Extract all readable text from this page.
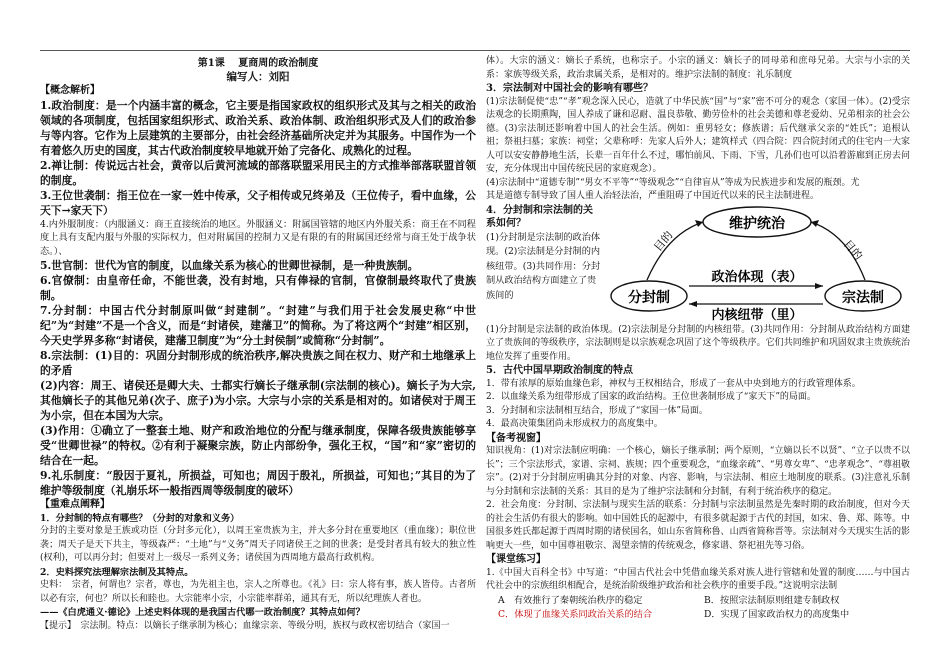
第1课　 夏商周的政治制度
编写人：刘阳
【概念解析】

1.政治制度：是一个内涵丰富的概念，它主要是指国家政权的组织形式及其与之相关的政治领域的各项制度，包括国家组织形式、政治关系、政治体制、政治组织形式及人们的政治参与等内容。它作为上层建筑的主要部分，由社会经济基础所决定并为其服务。中国作为一个有着悠久历史的国度，其古代政治制度较早地就开始了完备化、成熟化的过程。

2.禅让制：传说远古社会，黄帝以后黄河流域的部落联盟采用民主的方式推举部落联盟首领的制度。

3.王位世袭制：指王位在一家一姓中传承，父子相传或兄终弟及（王位传子，看中血缘，公天下→家天下）

4.内外服制度：（内服涵义：商王直接统治的地区。外服涵义：附属国管辖的地区内外服关系：商王在不同程度上具有支配内服与外服的实际权力，但对附属国的控制力又是有限的有的附属国还经常与商王处于战争状态。）、

5.世官制：世代为官的制度，以血缘关系为核心的世卿世禄制，是一种贵族制。

6.官僚制：由皇帝任命，不能世袭，没有封地，只有俸禄的官制，官僚制最终取代了贵族制。

7.分封制：中国古代分封制原叫做“封建制”。“封建”与我们用于社会发展史称“中世纪”为“封建”不是一个含义，而是“封诸侯，建藩卫”的简称。为了将这两个“封建”相区别，今天史学界多称“封诸侯，建藩卫制度”为“分土封侯制”或简称“分封制”。

8.宗法制：(1)目的：巩固分封制形成的统治秩序,解决贵族之间在权力、财产和土地继承上的矛盾

(2)内容：周王、诸侯还是卿大夫、士都实行嫡长子继承制(宗法制的核心)。嫡长子为大宗,其他嫡长子的其他兄弟(次子、庶子)为小宗。大宗与小宗的关系是相对的。如诸侯对于周王为小宗，但在本国为大宗。

(3)作用：①确立了一整套土地、财产和政治地位的分配与继承制度，保障各级贵族能够享受“世卿世禄”的特权。②有利于凝聚宗族，防止内部纷争，强化王权，“国”和“家”密切的结合在一起。

9.礼乐制度：“殷因于夏礼，所损益，可知也；周因于殷礼，所损益，可知也；”其目的为了维护等级制度（礼崩乐坏一般指西周等级制度的破坏）

【重难点阐释】

1．分封制的特点有哪些？（分封的对象和义务）

分封的主要对象是王族或功臣（分封多元化），以周王室贵族为主，并大多分封在重要地区（重血缘）；职位世袭；周天子是天下共主，等级森严：“土地”与“义务”周天子同诸侯王之间的世袭；是受封者具有较大的独立性(权利)，可以再分封；但要对上一级尽一系列义务；诸侯国为西周地方最高行政机构。

2．史料探究法理解宗法制及其特点。

史料：　宗者，何谓也？宗者，尊也，为先祖主也，宗人之所尊也。《礼》曰：宗人将有事，族人皆侍。古者所以必有宗，何也？所以长和睦也。大宗能率小宗，小宗能率群弟，通其有无，所以纪理族人者也。

——《白虎通义·德论》上述史料体现的是我国古代哪一政治制度？其特点如何？

【提示】　宗法制。特点：以嫡长子继承制为核心；血缘宗亲、等级分明，族权与政权密切结合（家国一

体）。大宗的涵义：嫡长子系统，也称宗子。小宗的涵义：嫡长子的同母弟和庶母兄弟。大宗与小宗的关系：家族等级关系，政治隶属关系，是相对的。维护宗法制的制度：礼乐制度

3．宗法制对中国社会的影响有哪些？

(1)宗法制促使“忠”“孝”观念深入民心，造就了中华民族“国”与“家”密不可分的观念（家国一体）。(2)受宗法观念的长期熏陶，国人养成了谦和忍耐、温良恭敬、勤劳俭朴的社会美德和尊老爱幼、兄弟相亲的社会公德。(3)宗法制还影响着中国人的社会生活。例如：重男轻女；修族谱；后代继承父亲的“姓氏”；追根认祖；祭祖扫墓；家族：祠堂；父辈称呼：先家人后外人；建筑样式（四合院：四合院封闭式的住宅内一大家人可以安安静静地生活，长辈一百年什么不过，哪怕前风、下雨、下雪，几孙们也可以沿着游廊到正房去问安，充分体现出中国传统民居的家庭观念）。

(4)宗法制中“道德专制”“男女不平等”“等级观念”“自律盲从”等成为民族进步和发展的瓶颈。尤

其是道德专制导致了国人重人治轻法治，严重阻碍了中国近代以来的民主法制进程。

4．分封制和宗法制的关系如何？
(1)分封制是宗法制的政治体现。(2)宗法制是分封制的内核纽带。(3)共同作用：分封制从政治结构方面建立了贵族间的
维护统治
分封制	宗法制
目的	目的
政治体现（表）
内核纽带（里）

(1)分封制是宗法制的政治体现。(2)宗法制是分封制的内核纽带。(3)共同作用：分封制从政治结构方面建立了贵族间的等级秩序，宗法制则是以宗族观念巩固了这个等级秩序。它们共同维护和巩固奴隶主贵族统治地位发挥了重要作用。

5．古代中国早期政治制度的特点

1．带有浓厚的原始血缘色彩，神权与王权相结合，形成了一套从中央到地方的行政管理体系。

2．以血缘关系为纽带形成了国家的政治结构。王位世袭制形成了“家天下”的局面。

3．分封制和宗法制相互结合，形成了“家国一体”局面。

4．最高决策集团尚未形成权力的高度集中。

【备考视窗】

知识视角：(1)对宗法制应明确：一个核心，嫡长子继承制；两个原则，“立嫡以长不以贤”、“立子以贵不以长”；三个宗法形式，家谱、宗祠、族规；四个重要观念，“血缘亲疏”、“男尊女卑”、“忠孝观念”、“尊祖敬宗”。(2)对于分封制应明确其分封的对象、内容、影响，与宗法制、相应土地制度的联系。(3)注意礼乐制与分封制和宗法制的关系：其目的是为了维护宗法制和分封制，有利于统治秩序的稳定。

2．社会角度：分封制、宗法制与现实生活的联系：分封制与宗法制虽然是先秦时期的政治制度，但对今天的社会生活仍有很大的影响。如中国姓氏的起源中，有很多就起源于古代的封国，如宋、鲁、郑、陈等。中国很多姓氏都起源于西周时期的诸侯国名，如山东省简称鲁、山西省简称晋等。宗法制对今天现实生活的影响更大一些，如中国尊祖敬宗、渴望亲情的传统观念，修家谱、祭祀祖先等习俗。

【课堂练习】

1.《中国大百科全书》中写道：“中国古代社会中凭借血缘关系对族人进行管辖和处置的制度……与中国古代社会中的宗族组织相配合，是统治阶级维护政治和社会秩序的重要手段。”这说明宗法制

A　有效推行了秦朝统治秩序的稳定	B．按照宗法制原则组建专制政权
C．体现了血缘关系同政治关系的结合	D．实现了国家政治权力的高度集中
